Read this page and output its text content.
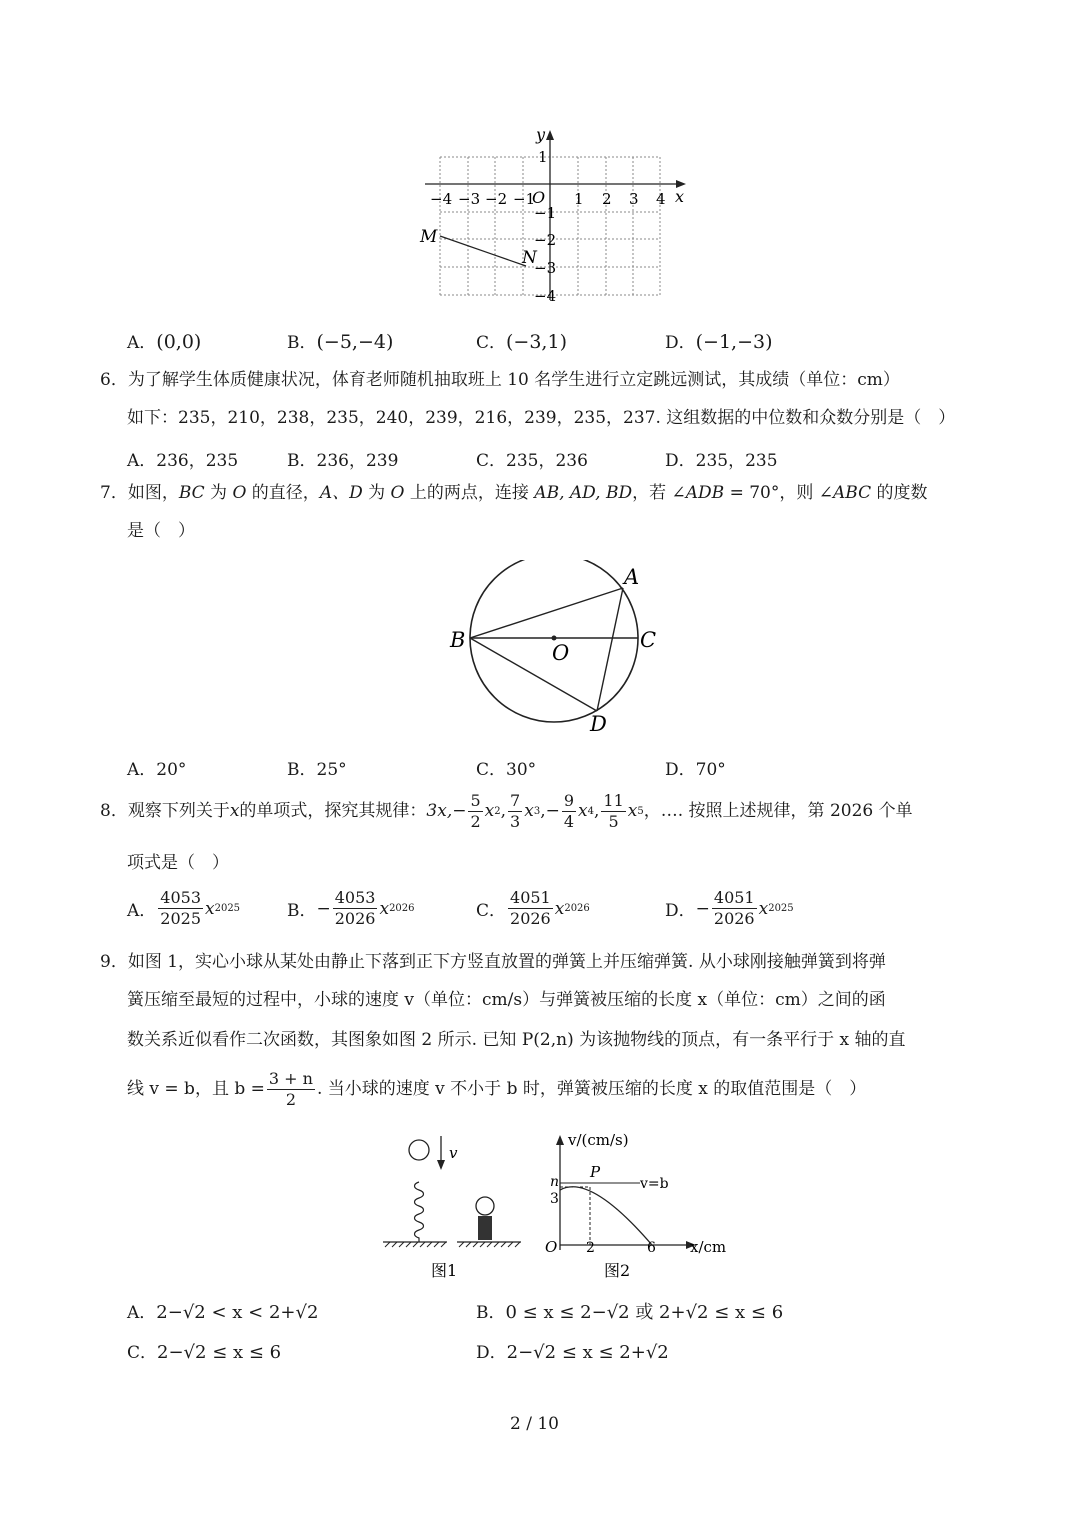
y
x
O
−4 −3 −2 −1	1 2 3 4
1
−1
−2
−3
−4
M
N
A．(0,0)	B．(−5,−4)	C．(−3,1)	D．(−1,−3)
6．为了解学生体质健康状况，体育老师随机抽取班上 10 名学生进行立定跳远测试，其成绩（单位：cm）
如下：235，210，238，235，240，239，216，239，235，237. 这组数据的中位数和众数分别是（　）
A．236，235	B．236，239	C．235，236	D．235，235
7．如图，BC 为 O 的直径，A、D 为 O 上的两点，连接 AB, AD, BD，若 ∠ADB = 70°，则 ∠ABC 的度数
是（　）
A
B	C
O
D
A．20°	B．25°	C．30°	D．70°
8．观察下列关于 x 的单项式，探究其规律： 3x, − $\frac{5}{2}$ x 2 , $\frac{7}{3}$ x 3 ,− $\frac{9}{4}$ x 4 , $\frac{11}{5}$ x 5 ，…. 按照上述规律，第 2026 个单
项式是（　）
A． $\frac{4053}{2025}$ x 2025	B． − $\frac{4053}{2026}$ x 2026	C． $\frac{4051}{2026}$ x 2026	D． − $\frac{4051}{2026}$ x 2025
9．如图 1，实心小球从某处由静止下落到正下方竖直放置的弹簧上并压缩弹簧. 从小球刚接触弹簧到将弹
簧压缩至最短的过程中，小球的速度 v（单位：cm/s）与弹簧被压缩的长度 x（单位：cm）之间的函
数关系近似看作二次函数，其图象如图 2 所示. 已知 P(2,n) 为该抛物线的顶点，有一条平行于 x 轴的直
线 v = b，且 $b = \frac{3 + n}{2}$ . 当小球的速度 v 不小于 b 时，弹簧被压缩的长度 x 的取值范围是（　）
v
图1
v/(cm/s)
x/cm
P
n
3
v=b
O 2	6
图2
A．2−√2 < x < 2+√2	B．0 ≤ x ≤ 2−√2 或 2+√2 ≤ x ≤ 6
C．2−√2 ≤ x ≤ 6	D．2−√2 ≤ x ≤ 2+√2
2 / 10
